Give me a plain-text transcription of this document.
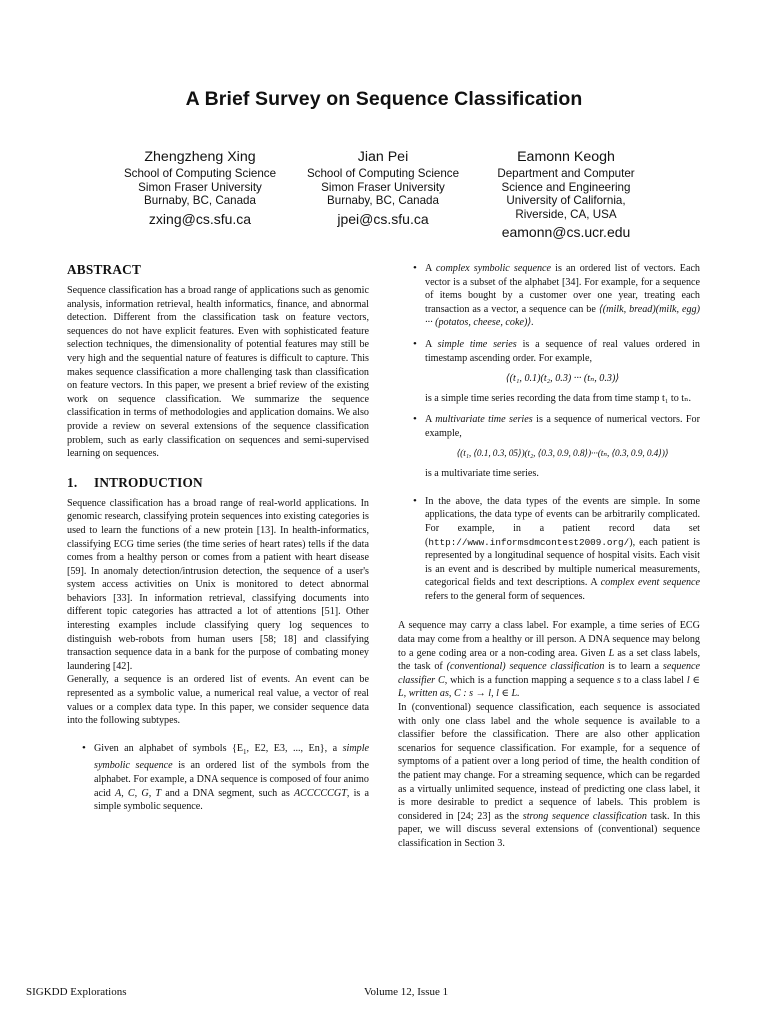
A Brief Survey on Sequence Classification
Zhengzheng Xing
School of Computing Science
Simon Fraser University
Burnaby, BC, Canada
zxing@cs.sfu.ca
Jian Pei
School of Computing Science
Simon Fraser University
Burnaby, BC, Canada
jpei@cs.sfu.ca
Eamonn Keogh
Department and Computer
Science and Engineering
University of California,
Riverside, CA, USA
eamonn@cs.ucr.edu
ABSTRACT

Sequence classification has a broad range of applications such as genomic analysis, information retrieval, health informatics, finance, and abnormal detection. Different from the classification task on feature vectors, sequences do not have explicit features. Even with sophisticated feature selection techniques, the dimensionality of potential features may still be very high and the sequential nature of features is difficult to capture. This makes sequence classification a more challenging task than classification on feature vectors. In this paper, we present a brief review of the existing work on sequence classification. We summarize the sequence classification in terms of methodologies and application domains. We also provide a review on several extensions of the sequence classification problem, such as early classification on sequences and semi-supervised learning on sequences.

1. INTRODUCTION

Sequence classification has a broad range of real-world applications. In genomic research, classifying protein sequences into existing categories is used to learn the functions of a new protein [13]. In health-informatics, classifying ECG time series (the time series of heart rates) tells if the data comes from a healthy person or comes from a patient with heart disease [59]. In anomaly detection/intrusion detection, the sequence of a user's system access activities on Unix is monitored to detect abnormal behaviors [33]. In information retrieval, classifying documents into different topic categories has attracted a lot of attentions [51]. Other interesting examples include classifying query log sequences to distinguish web-robots from human users [58; 18] and classifying transaction sequence data in a bank for the purpose of combating money laundering [42].

Generally, a sequence is an ordered list of events. An event can be represented as a symbolic value, a numerical real value, a vector of real values or a complex data type. In this paper, we consider sequence data into the following subtypes.

• Given an alphabet of symbols {$E_1$, E2, E3, ..., En}, a simple symbolic sequence is an ordered list of the symbols from the alphabet. For example, a DNA sequence is composed of four animo acid A, C, G, T and a DNA segment, such as ACCCCCGT, is a simple symbolic sequence.
• A complex symbolic sequence is an ordered list of vectors. Each vector is a subset of the alphabet [34]. For example, for a sequence of items bought by a customer over one year, treating each transaction as a vector, a sequence can be ⟨(milk, bread)(milk, egg) ··· (potatos, cheese, coke)⟩.
• A simple time series is a sequence of real values ordered in timestamp ascending order. For example,
⟨(t₁, 0.1)(t₂, 0.3) ··· (tₙ, 0.3)⟩
is a simple time series recording the data from time stamp t₁ to tₙ.
• A multivariate time series is a sequence of numerical vectors. For example,
⟨(t₁, ⟨0.1, 0.3, 05⟩)(t₂, ⟨0.3, 0.9, 0.8⟩)···(tₙ, ⟨0.3, 0.9, 0.4⟩)⟩
is a multivariate time series.
• In the above, the data types of the events are simple. In some applications, the data type of events can be arbitrarily complicated. For example, in a patient record data set (http://www.informsdmcontest2009.org/), each patient is represented by a longitudinal sequence of hospital visits. Each visit is an event and is described by multiple numerical measurements, categorical fields and text descriptions. A complex event sequence refers to the general form of sequences.

A sequence may carry a class label. For example, a time series of ECG data may come from a healthy or ill person. A DNA sequence may belong to a gene coding area or a non-coding area. Given L as a set class labels, the task of (conventional) sequence classification is to learn a sequence classifier C, which is a function mapping a sequence s to a class label l ∈ L, written as, C : s → l, l ∈ L.

In (conventional) sequence classification, each sequence is associated with only one class label and the whole sequence is available to a classifier before the classification. There are also other application scenarios for sequence classification. For example, for a sequence of symptoms of a patient over a long period of time, the health condition of the patient may change. For a streaming sequence, which can be regarded as a virtually unlimited sequence, instead of predicting one class label, it is more desirable to predict a sequence of labels. This problem is considered in [24; 23] as the strong sequence classification task. In this paper, we will discuss several extensions of (conventional) sequence classification in Section 3.

SIGKDD Explorations	Volume 12, Issue 1
